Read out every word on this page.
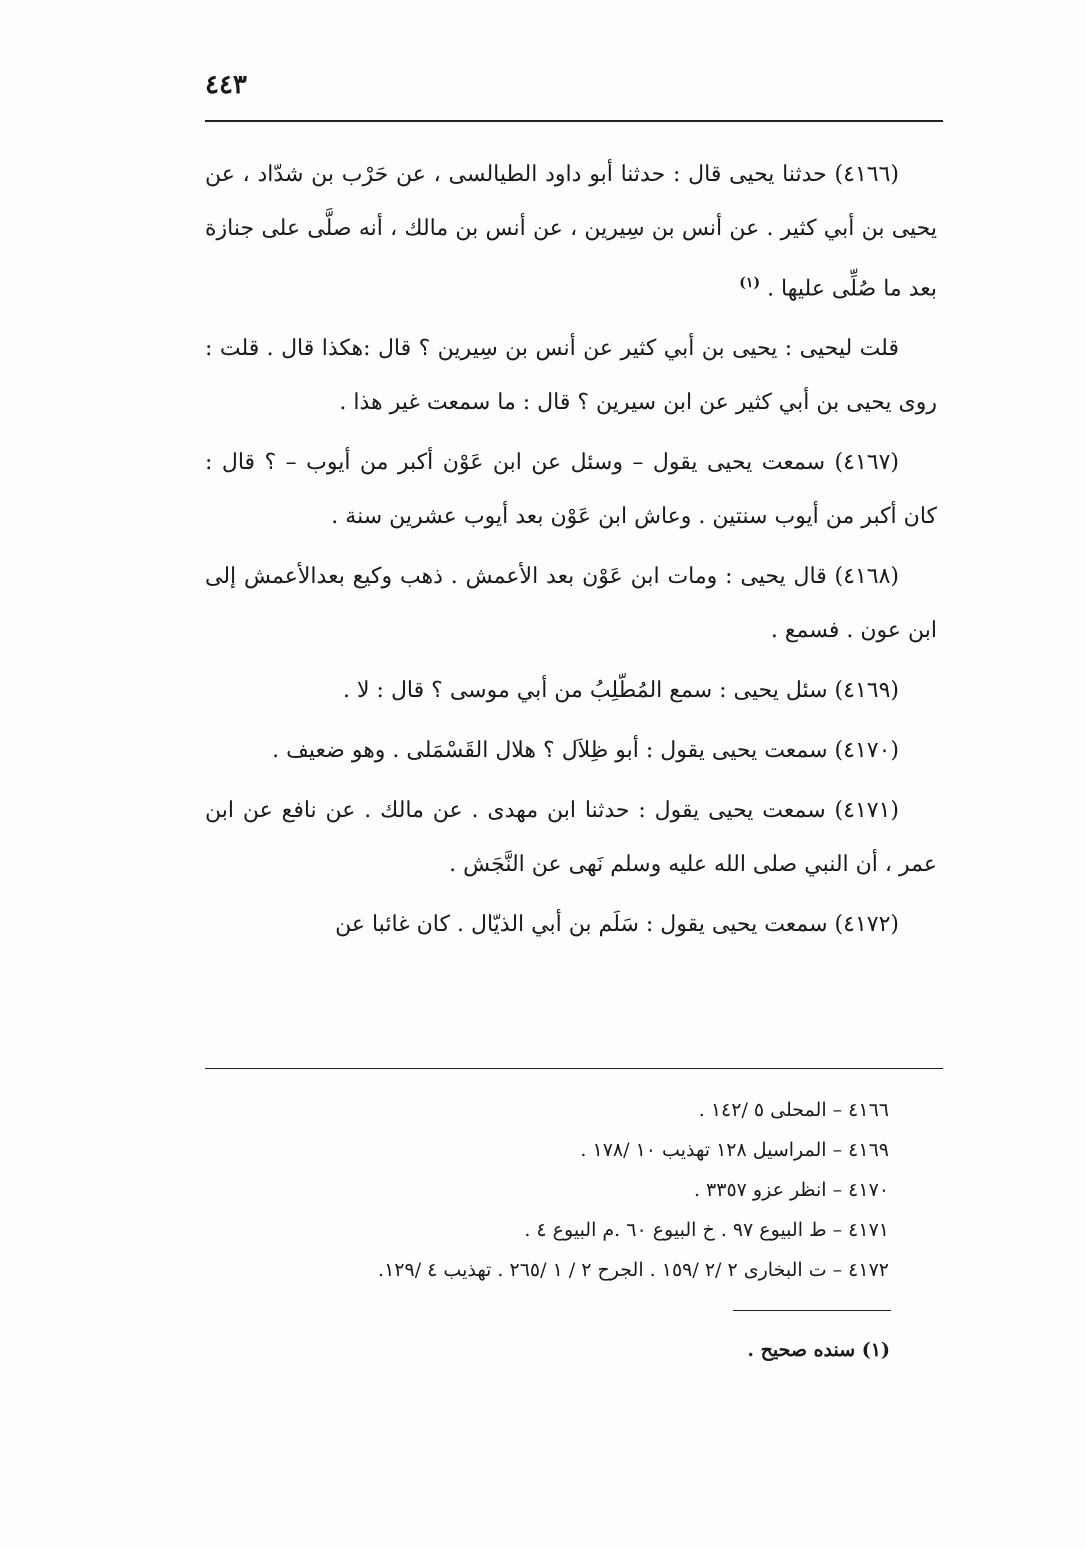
٤٤٣

(٤١٦٦) حدثنا يحيى قال : حدثنا أبو داود الطيالسى ، عن حَرْب بن شدّاد ، عن يحيى بن أبي كثير . عن أنس بن سِيرين ، عن أنس بن مالك ، أنه صلَّى على جنازة بعد ما صُلِّى عليها . $^{(١)}$

قلت ليحيى : يحيى بن أبي كثير عن أنس بن سِيرين ؟ قال :هكذا قال . قلت : روى يحيى بن أبي كثير عن ابن سيرين ؟ قال : ما سمعت غير هذا .

(٤١٦٧) سمعت يحيى يقول – وسئل عن ابن عَوْن أكبر من أيوب – ؟ قال : كان أكبر من أيوب سنتين . وعاش ابن عَوْن بعد أيوب عشرين سنة .

(٤١٦٨) قال يحيى : ومات ابن عَوْن بعد الأعمش . ذهب وكيع بعدالأعمش إلى ابن عون . فسمع .

(٤١٦٩) سئل يحيى : سمع المُطّلِبُ من أبي موسى ؟ قال : لا .

(٤١٧٠) سمعت يحيى يقول : أبو ظِلاَل ؟ هلال القَسْمَلى . وهو ضعيف .

(٤١٧١) سمعت يحيى يقول : حدثنا ابن مهدى . عن مالك . عن نافع عن ابن عمر ، أن النبي صلى الله عليه وسلم نَهى عن النَّجَش .

(٤١٧٢) سمعت يحيى يقول : سَلَم بن أبي الذيّال . كان غائبا عن

٤١٦٦ – المحلى ٥ /١٤٢ .
٤١٦٩ – المراسيل ١٢٨ تهذيب ١٠ /١٧٨ .
٤١٧٠ – انظر عزو ٣٣٥٧ .
٤١٧١ – ط البيوع ٩٧ . خ البيوع ٦٠ .م البيوع ٤ .
٤١٧٢ – ت البخارى ٢ /٢ /١٥٩ . الجرح ٢ / ١ /٢٦٥ . تهذيب ٤ /١٢٩.
(١) سنده صحيح .
